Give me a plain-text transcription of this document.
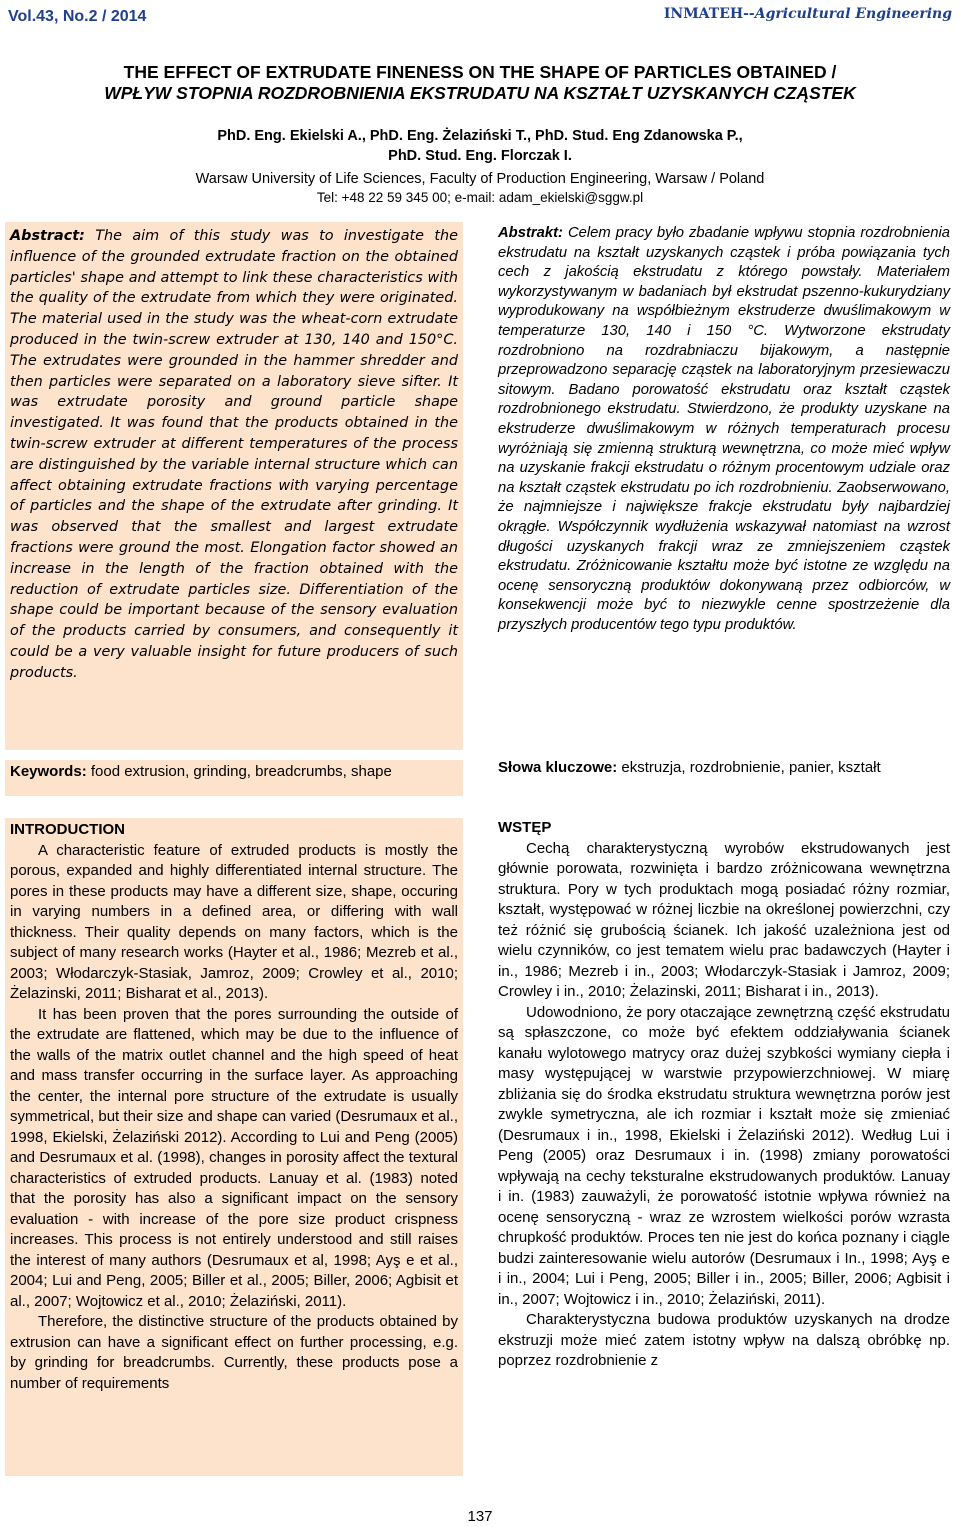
Vol.43, No.2 / 2014	INMATEH--Agricultural Engineering
THE EFFECT OF EXTRUDATE FINENESS ON THE SHAPE OF PARTICLES OBTAINED /
WPŁYW STOPNIA ROZDROBNIENIA EKSTRUDATU NA KSZTAŁT UZYSKANYCH CZĄSTEK
PhD. Eng. Ekielski A., PhD. Eng. Żelaziński T., PhD. Stud. Eng Zdanowska P.,
PhD. Stud. Eng. Florczak I.
Warsaw University of Life Sciences, Faculty of Production Engineering, Warsaw / Poland
Tel: +48 22 59 345 00; e-mail: adam_ekielski@sggw.pl
Abstract: The aim of this study was to investigate the influence of the grounded extrudate fraction on the obtained particles' shape and attempt to link these characteristics with the quality of the extrudate from which they were originated. The material used in the study was the wheat-corn extrudate produced in the twin-screw extruder at 130, 140 and 150°C. The extrudates were grounded in the hammer shredder and then particles were separated on a laboratory sieve sifter. It was extrudate porosity and ground particle shape investigated. It was found that the products obtained in the twin-screw extruder at different temperatures of the process are distinguished by the variable internal structure which can affect obtaining extrudate fractions with varying percentage of particles and the shape of the extrudate after grinding. It was observed that the smallest and largest extrudate fractions were ground the most. Elongation factor showed an increase in the length of the fraction obtained with the reduction of extrudate particles size. Differentiation of the shape could be important because of the sensory evaluation of the products carried by consumers, and consequently it could be a very valuable insight for future producers of such products.
Abstrakt: Celem pracy było zbadanie wpływu stopnia rozdrobnienia ekstrudatu na kształt uzyskanych cząstek i próba powiązania tych cech z jakością ekstrudatu z którego powstały. Materiałem wykorzystywanym w badaniach był ekstrudat pszenno-kukurydziany wyprodukowany na współbieżnym ekstruderze dwuślimakowym w temperaturze 130, 140 i 150 °C. Wytworzone ekstrudaty rozdrobniono na rozdrabniaczu bijakowym, a następnie przeprowadzono separację cząstek na laboratoryjnym przesiewaczu sitowym. Badano porowatość ekstrudatu oraz kształt cząstek rozdrobnionego ekstrudatu. Stwierdzono, że produkty uzyskane na ekstruderze dwuślimakowym w różnych temperaturach procesu wyróżniają się zmienną strukturą wewnętrzna, co może mieć wpływ na uzyskanie frakcji ekstrudatu o różnym procentowym udziale oraz na kształt cząstek ekstrudatu po ich rozdrobnieniu. Zaobserwowano, że najmniejsze i największe frakcje ekstrudatu były najbardziej okrągłe. Współczynnik wydłużenia wskazywał natomiast na wzrost długości uzyskanych frakcji wraz ze zmniejszeniem cząstek ekstrudatu. Zróżnicowanie kształtu może być istotne ze względu na ocenę sensoryczną produktów dokonywaną przez odbiorców, w konsekwencji może być to niezwykle cenne spostrzeżenie dla przyszłych producentów tego typu produktów.
Keywords: food extrusion, grinding, breadcrumbs, shape	Słowa kluczowe: ekstruzja, rozdrobnienie, panier, kształt
INTRODUCTION

A characteristic feature of extruded products is mostly the porous, expanded and highly differentiated internal structure. The pores in these products may have a different size, shape, occuring in varying numbers in a defined area, or differing with wall thickness. Their quality depends on many factors, which is the subject of many research works (Hayter et al., 1986; Mezreb et al., 2003; Włodarczyk-Stasiak, Jamroz, 2009; Crowley et al., 2010; Żelazinski, 2011; Bisharat et al., 2013).

It has been proven that the pores surrounding the outside of the extrudate are flattened, which may be due to the influence of the walls of the matrix outlet channel and the high speed of heat and mass transfer occurring in the surface layer. As approaching the center, the internal pore structure of the extrudate is usually symmetrical, but their size and shape can varied (Desrumaux et al., 1998, Ekielski, Żelaziński 2012). According to Lui and Peng (2005) and Desrumaux et al. (1998), changes in porosity affect the textural characteristics of extruded products. Lanuay et al. (1983) noted that the porosity has also a significant impact on the sensory evaluation - with increase of the pore size product crispness increases. This process is not entirely understood and still raises the interest of many authors (Desrumaux et al, 1998; Ayş e et al., 2004; Lui and Peng, 2005; Biller et al., 2005; Biller, 2006; Agbisit et al., 2007; Wojtowicz et al., 2010; Żelaziński, 2011).

Therefore, the distinctive structure of the products obtained by extrusion can have a significant effect on further processing, e.g. by grinding for breadcrumbs. Currently, these products pose a number of requirements

WSTĘP

Cechą charakterystyczną wyrobów ekstrudowanych jest głównie porowata, rozwinięta i bardzo zróżnicowana wewnętrzna struktura. Pory w tych produktach mogą posiadać różny rozmiar, kształt, występować w różnej liczbie na określonej powierzchni, czy też różnić się grubością ścianek. Ich jakość uzależniona jest od wielu czynników, co jest tematem wielu prac badawczych (Hayter i in., 1986; Mezreb i in., 2003; Włodarczyk-Stasiak i Jamroz, 2009; Crowley i in., 2010; Żelazinski, 2011; Bisharat i in., 2013).

Udowodniono, że pory otaczające zewnętrzną część ekstrudatu są spłaszczone, co może być efektem oddziaływania ścianek kanału wylotowego matrycy oraz dużej szybkości wymiany ciepła i masy występującej w warstwie przypowierzchniowej. W miarę zbliżania się do środka ekstrudatu struktura wewnętrzna porów jest zwykle symetryczna, ale ich rozmiar i kształt może się zmieniać (Desrumaux i in., 1998, Ekielski i Żelaziński 2012). Według Lui i Peng (2005) oraz Desrumaux i in. (1998) zmiany porowatości wpływają na cechy teksturalne ekstrudowanych produktów. Lanuay i in. (1983) zauważyli, że porowatość istotnie wpływa również na ocenę sensoryczną - wraz ze wzrostem wielkości porów wzrasta chrupkość produktów. Proces ten nie jest do końca poznany i ciągle budzi zainteresowanie wielu autorów (Desrumaux i In., 1998; Ayş e i in., 2004; Lui i Peng, 2005; Biller i in., 2005; Biller, 2006; Agbisit i in., 2007; Wojtowicz i in., 2010; Żelaziński, 2011).

Charakterystyczna budowa produktów uzyskanych na drodze ekstruzji może mieć zatem istotny wpływ na dalszą obróbkę np. poprzez rozdrobnienie z

137
